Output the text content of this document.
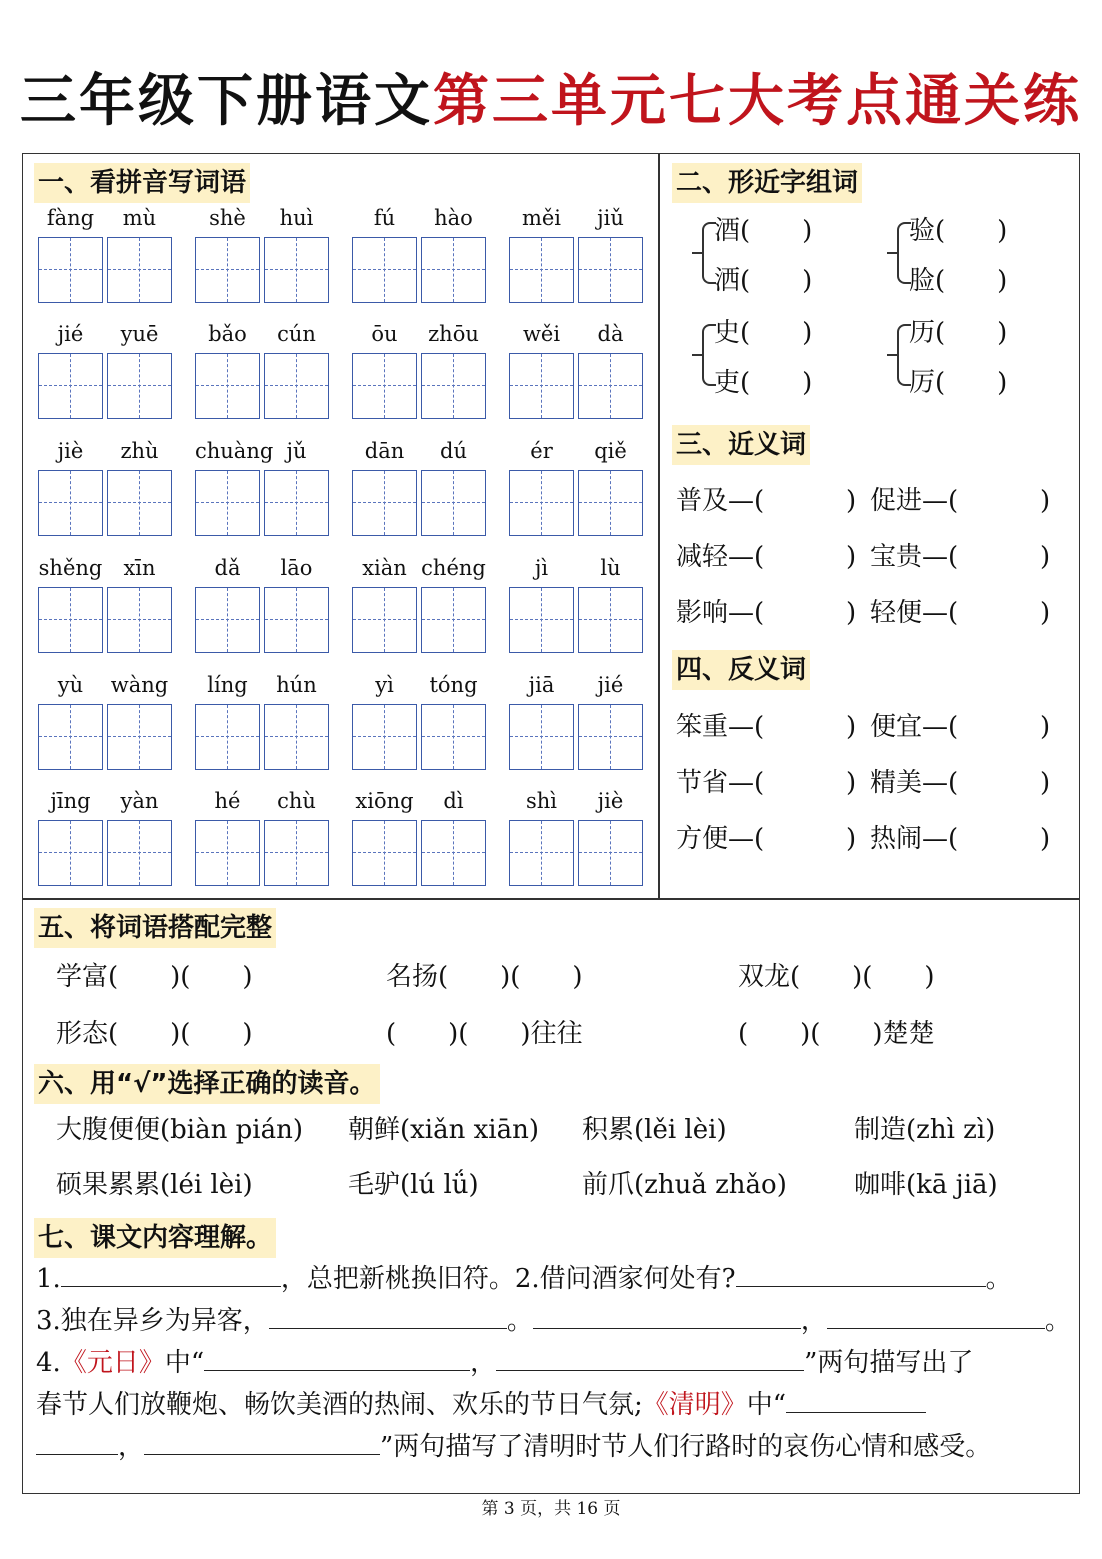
三年级下册语文第三单元七大考点通关练
一、看拼音写词语
fàng	mù	shè	huì	fú	hào	měi	jiǔ
jié	yuē	bǎo	cún	ōu	zhōu	wěi	dà
jiè	zhù	chuàng jǔ	dān	dú	ér	qiě
shěng	xīn	dǎ	lāo	xiàn chéng	jì	lù
yù	wàng	líng	hún	yì	tóng	jiā	jié
jīng	yàn	hé	chù	xiōng	dì	shì	jiè
二、形近字组词
酒(　　)
洒(　　)
验(　　)
脸(　　)
史(　　)
吏(　　)
历(　　)
厉(　　)
三、近义词
普及—(	) 促进—(	)
减轻—(	) 宝贵—(	)
影响—(	) 轻便—(	)
四、反义词
笨重—(	) 便宜—(	)
节省—(	) 精美—(	)
方便—(	) 热闹—(	)
五、将词语搭配完整
学富(　　)(　　)	名扬(　　)(　　)	双龙(　　)(　　)
形态(　　)(　　)	(　　)(　　)往往	(　　)(　　)楚楚
六、用“√”选择正确的读音。
大腹便便(biàn pián) 朝鲜(xiǎn xiān) 积累(lěi lèi)	制造(zhì zì)
硕果累累(léi lèi)	毛驴(lú lǘ)	前爪(zhuǎ zhǎo)	咖啡(kā jiā)
七、课文内容理解。
1.	，总把新桃换旧符。2.借问酒家何处有?	。
3.独在异乡为异客，	。	，	。
4.《元日》中“	，	”两句描写出了
春节人们放鞭炮、畅饮美酒的热闹、欢乐的节日气氛;《清明》中“
，	”两句描写了清明时节人们行路时的哀伤心情和感受。
第 3 页，共 16 页
